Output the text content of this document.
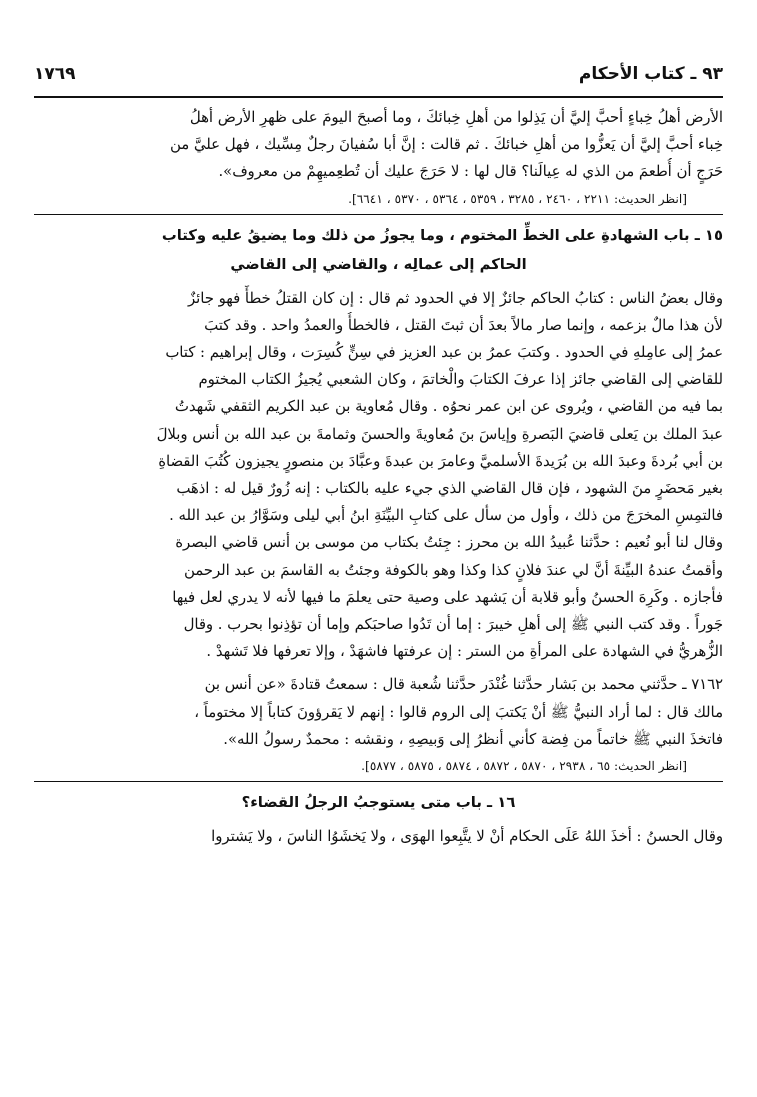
٩٣ ـ كتاب الأحكام
١٧٦٩

الأرض أهلُ خِباءٍ أحبَّ إليَّ أن يَذِلوا من أهلِ خِبائكَ ، وما أصبحَ اليومَ على ظهرِ الأرض أهلُ

خِباء أحبَّ إليَّ أن يَعزُّوا من أهلِ خبائكَ . ثم قالت : إنَّ أبا سُفيانَ رجلٌ مِسِّيك ، فهل عليَّ من

حَرَجٍ أن أُطعمَ من الذي له عِيالَنا؟ قال لها : لا حَرَجَ عليك أن تُطعِميهِمْ من معروف».

[انظر الحديث: ٢٢١١ ، ٢٤٦٠ ، ٣٢٨٥ ، ٥٣٥٩ ، ٥٣٦٤ ، ٥٣٧٠ ، ٦٦٤١].

١٥ ـ باب الشهادةِ على الخطِّ المختوم ، وما يجوزُ من ذلك وما يضيقُ عليه وكتاب

الحاكم إلى عمالِه ، والقاضي إلى القاضي

وقال بعضُ الناس : كتابُ الحاكم جائزٌ إلا في الحدود ثم قال : إن كان القتلُ خطأً فهو جائزٌ

لأن هذا مالٌ بزعمه ، وإنما صار مالاً بعدَ أن ثبتَ القتل ، فالخطأُ والعمدُ واحد . وقد كتبَ

عمرُ إلى عامِلهِ في الحدود . وكتبَ عمرُ بن عبد العزيز في سِنٍّ كُسِرَت ، وقال إبراهيم : كتاب

للقاضي إلى القاضي جائز إذا عرفَ الكتابَ والْخاتمَ ، وكان الشعبي يُجيزُ الكتاب المختوم

بما فيه من القاضي ، ويُروى عن ابن عمر نحوُه . وقال مُعاوية بن عبد الكريم الثقفي شَهدتُ

عبدَ الملك بن يَعلى قاضيَ البَصرةِ وإياسَ بنَ مُعاويةَ والحسنَ وثمامةَ بن عبد الله بن أنس وبلالَ

بن أبي بُردةَ وعبدَ الله بن بُرَيدةَ الأسلميَّ وعامرَ بن عبدةَ وعبَّادَ بن منصورٍ يجيزون كُتُبَ القضاةِ

بغير مَحضَرٍ منَ الشهود ، فإن قال القاضي الذي جيء عليه بالكتاب : إنه زُورٌ قيل له : اذهَب

فالتمِسِ المخرَجَ من ذلك ، وأول من سأل على كتابِ البيِّنَةِ ابنُ أبي ليلى وسَوَّارُ بن عبد الله .

وقال لنا أبو نُعيم : حدَّثنا عُبيدُ الله بن محرز : جِئتُ بكتاب من موسى بن أنس قاضي البصرة

وأقمتُ عندهُ البيِّنةَ أنَّ لي عندَ فلانٍ كذا وكذا وهو بالكوفة وجئتُ به القاسمَ بن عبد الرحمن

فأجازه . وكَرِهَ الحسنُ وأبو قلابة أن يَشهد على وصية حتى يعلمَ ما فيها لأنه لا يدري لعل فيها

جَوراً . وقد كتب النبي ﷺ إلى أهلِ خيبرَ : إما أن تَدُوا صاحبَكم وإما أن تؤذِنوا بحرب . وقال

الزُّهريُّ في الشهادة على المرأةِ من الستر : إن عرفتها فاشهَدْ ، وإلا تعرفها فلا تَشهدْ .

٧١٦٢ ـ حدَّثني محمد بن بَشار حدَّثنا غُنْدَر حدَّثنا شُعبة قال : سمعتُ قتادةَ «عن أنس بن

مالك قال : لما أراد النبيُّ ﷺ أنْ يَكتبَ إلى الروم قالوا : إنهم لا يَقرؤونَ كتاباً إلا مختوماً ،

فاتخذَ النبي ﷺ خاتماً من فِضة كأني أنظرُ إلى وَبيصِهِ ، ونقشه : محمدٌ رسولُ الله».

[انظر الحديث: ٦٥ ، ٢٩٣٨ ، ٥٨٧٠ ، ٥٨٧٢ ، ٥٨٧٤ ، ٥٨٧٥ ، ٥٨٧٧].

١٦ ـ باب متى يستوجبُ الرجلُ القضاء؟

وقال الحسنُ : أخذَ اللهُ عَلَى الحكام أنْ لا يتَّبِعوا الهوَى ، ولا يَخشَوُا الناسَ ، ولا يَشتروا
